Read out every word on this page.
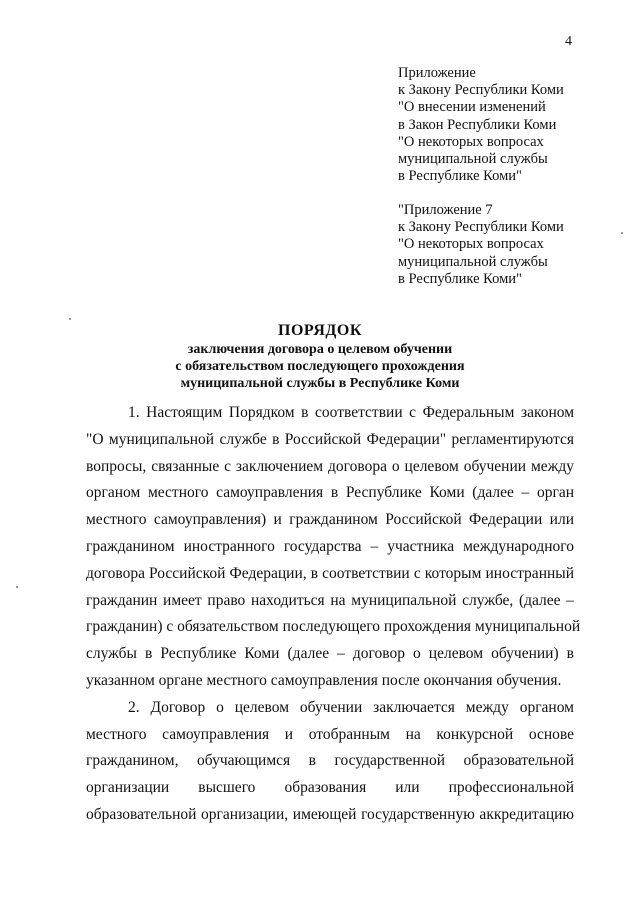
4
Приложение
к Закону Республики Коми
"О внесении изменений
в Закон Республики Коми
"О некоторых вопросах
муниципальной службы
в Республике Коми"
"Приложение 7
к Закону Республики Коми
"О некоторых вопросах
муниципальной службы
в Республике Коми"
ПОРЯДОК
заключения договора о целевом обучении
с обязательством последующего прохождения
муниципальной службы в Республике Коми
1. Настоящим Порядком в соответствии с Федеральным законом
"О муниципальной службе в Российской Федерации" регламентируются
вопросы, связанные с заключением договора о целевом обучении между
органом местного самоуправления в Республике Коми (далее – орган
местного самоуправления) и гражданином Российской Федерации или
гражданином иностранного государства – участника международного
договора Российской Федерации, в соответствии с которым иностранный
гражданин имеет право находиться на муниципальной службе, (далее –
гражданин) с обязательством последующего прохождения муниципальной
службы в Республике Коми (далее – договор о целевом обучении) в
указанном органе местного самоуправления после окончания обучения.
2. Договор о целевом обучении заключается между органом
местного самоуправления и отобранным на конкурсной основе
гражданином, обучающимся в государственной образовательной
организации высшего образования или профессиональной
образовательной организации, имеющей государственную аккредитацию
